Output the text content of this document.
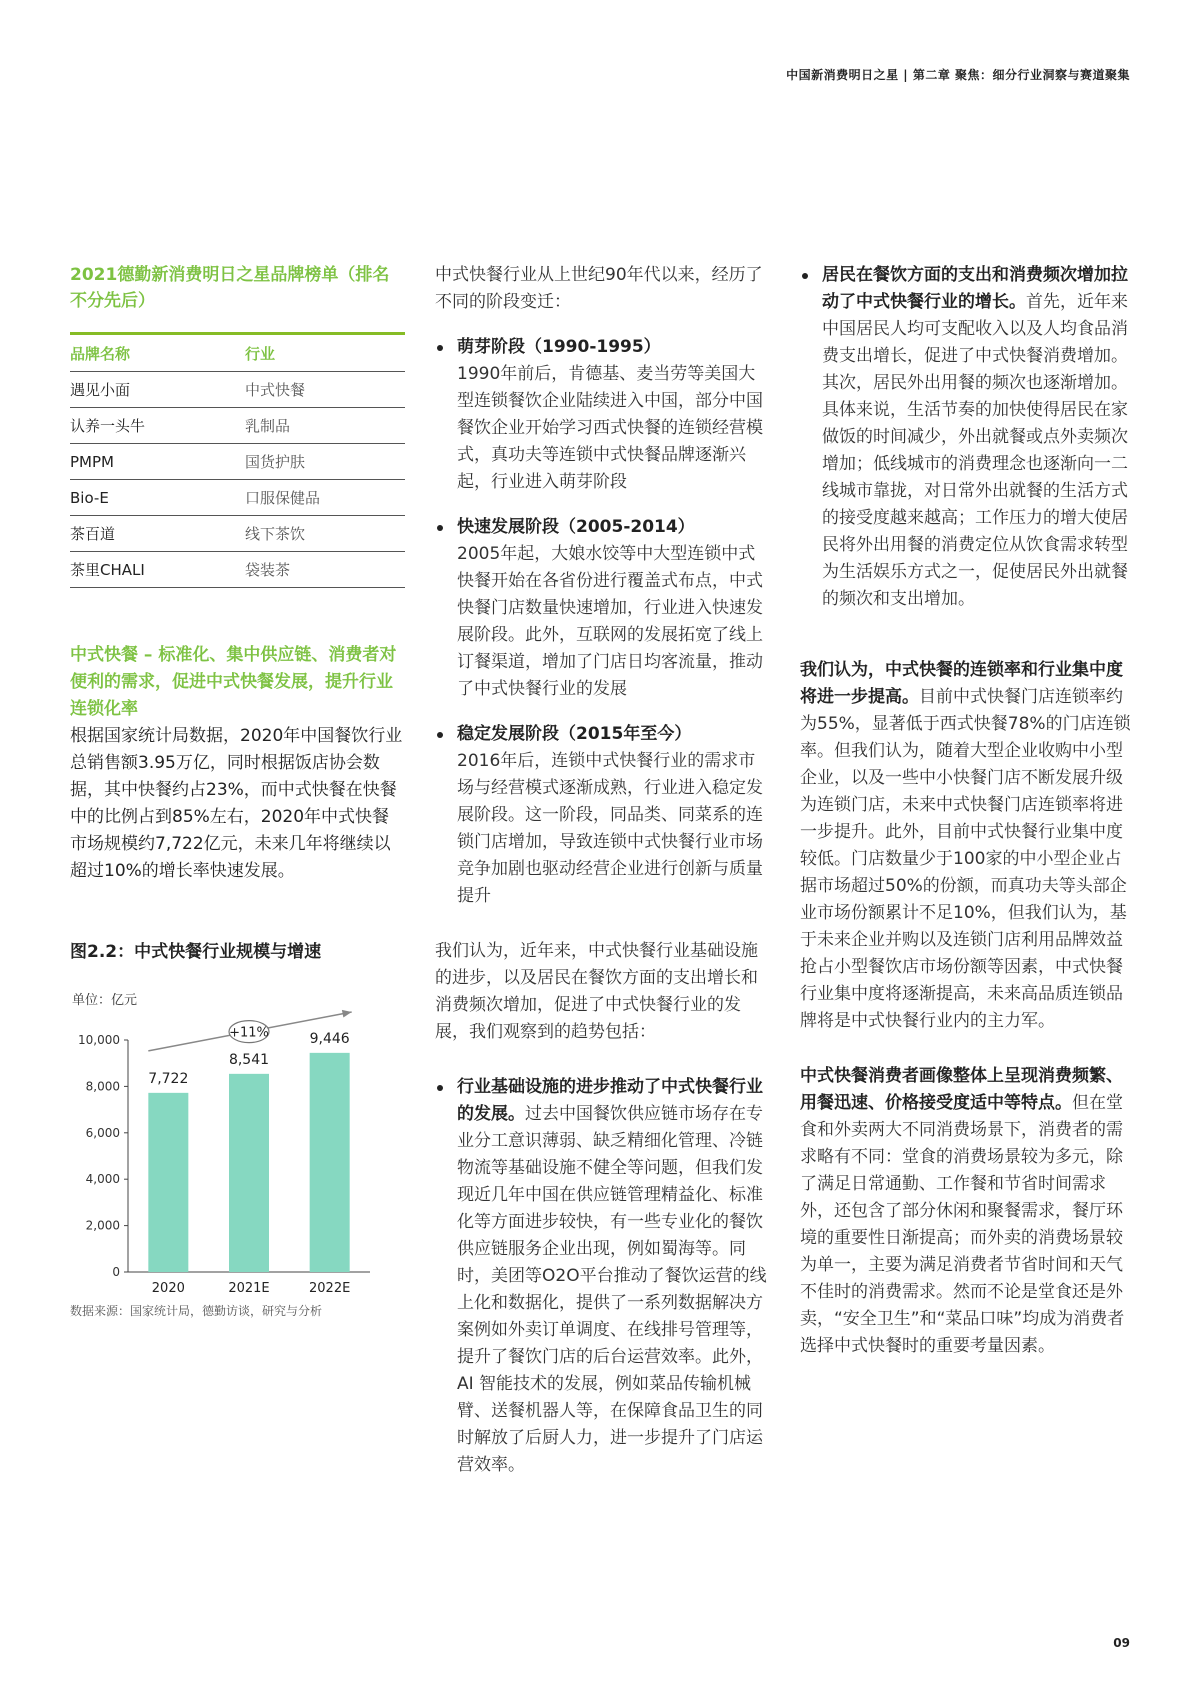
中国新消费明日之星 | 第二章 聚焦：细分行业洞察与赛道聚集
2021德勤新消费明日之星品牌榜单（排名不分先后）
品牌名称	行业
遇见小面	中式快餐
认养一头牛	乳制品
PMPM	国货护肤
Bio-E	口服保健品
茶百道	线下茶饮
茶里CHALI	袋装茶
中式快餐 – 标准化、集中供应链、消费者对便利的需求，促进中式快餐发展，提升行业连锁化率
根据国家统计局数据，2020年中国餐饮行业总销售额3.95万亿，同时根据饭店协会数据，其中快餐约占23%，而中式快餐在快餐中的比例占到85%左右，2020年中式快餐市场规模约7,722亿元，未来几年将继续以超过10%的增长率快速发展。
图2.2：中式快餐行业规模与增速
单位：亿元
0
2,000
4,000
6,000
8,000
10,000
7,722
2020
8,541
2021E
9,446
2022E
+11%
数据来源：国家统计局，德勤访谈，研究与分析
中式快餐行业从上世纪90年代以来，经历了不同的阶段变迁：
萌芽阶段（1990-1995）
1990年前后，肯德基、麦当劳等美国大型连锁餐饮企业陆续进入中国，部分中国餐饮企业开始学习西式快餐的连锁经营模式，真功夫等连锁中式快餐品牌逐渐兴起，行业进入萌芽阶段
快速发展阶段（2005-2014）
2005年起，大娘水饺等中大型连锁中式快餐开始在各省份进行覆盖式布点，中式快餐门店数量快速增加，行业进入快速发展阶段。此外，互联网的发展拓宽了线上订餐渠道，增加了门店日均客流量，推动了中式快餐行业的发展
稳定发展阶段（2015年至今）
2016年后，连锁中式快餐行业的需求市场与经营模式逐渐成熟，行业进入稳定发展阶段。这一阶段，同品类、同菜系的连锁门店增加，导致连锁中式快餐行业市场竞争加剧也驱动经营企业进行创新与质量提升
我们认为，近年来，中式快餐行业基础设施的进步，以及居民在餐饮方面的支出增长和消费频次增加，促进了中式快餐行业的发展，我们观察到的趋势包括：
行业基础设施的进步推动了中式快餐行业的发展。过去中国餐饮供应链市场存在专业分工意识薄弱、缺乏精细化管理、冷链物流等基础设施不健全等问题，但我们发现近几年中国在供应链管理精益化、标准化等方面进步较快，有一些专业化的餐饮供应链服务企业出现，例如蜀海等。同时，美团等O2O平台推动了餐饮运营的线上化和数据化，提供了一系列数据解决方案例如外卖订单调度、在线排号管理等，提升了餐饮门店的后台运营效率。此外，AI 智能技术的发展，例如菜品传输机械臂、送餐机器人等，在保障食品卫生的同时解放了后厨人力，进一步提升了门店运营效率。
居民在餐饮方面的支出和消费频次增加拉动了中式快餐行业的增长。首先，近年来中国居民人均可支配收入以及人均食品消费支出增长，促进了中式快餐消费增加。其次，居民外出用餐的频次也逐渐增加。具体来说，生活节奏的加快使得居民在家做饭的时间减少，外出就餐或点外卖频次增加；低线城市的消费理念也逐渐向一二线城市靠拢，对日常外出就餐的生活方式的接受度越来越高；工作压力的增大使居民将外出用餐的消费定位从饮食需求转型为生活娱乐方式之一，促使居民外出就餐的频次和支出增加。
我们认为，中式快餐的连锁率和行业集中度将进一步提高。目前中式快餐门店连锁率约为55%，显著低于西式快餐78%的门店连锁率。但我们认为，随着大型企业收购中小型企业，以及一些中小快餐门店不断发展升级为连锁门店，未来中式快餐门店连锁率将进一步提升。此外，目前中式快餐行业集中度较低。门店数量少于100家的中小型企业占据市场超过50%的份额，而真功夫等头部企业市场份额累计不足10%，但我们认为，基于未来企业并购以及连锁门店利用品牌效益抢占小型餐饮店市场份额等因素，中式快餐行业集中度将逐渐提高，未来高品质连锁品牌将是中式快餐行业内的主力军。
中式快餐消费者画像整体上呈现消费频繁、用餐迅速、价格接受度适中等特点。但在堂食和外卖两大不同消费场景下，消费者的需求略有不同：堂食的消费场景较为多元，除了满足日常通勤、工作餐和节省时间需求外，还包含了部分休闲和聚餐需求，餐厅环境的重要性日渐提高；而外卖的消费场景较为单一，主要为满足消费者节省时间和天气不佳时的消费需求。然而不论是堂食还是外卖，“安全卫生”和“菜品口味”均成为消费者选择中式快餐时的重要考量因素。
09
